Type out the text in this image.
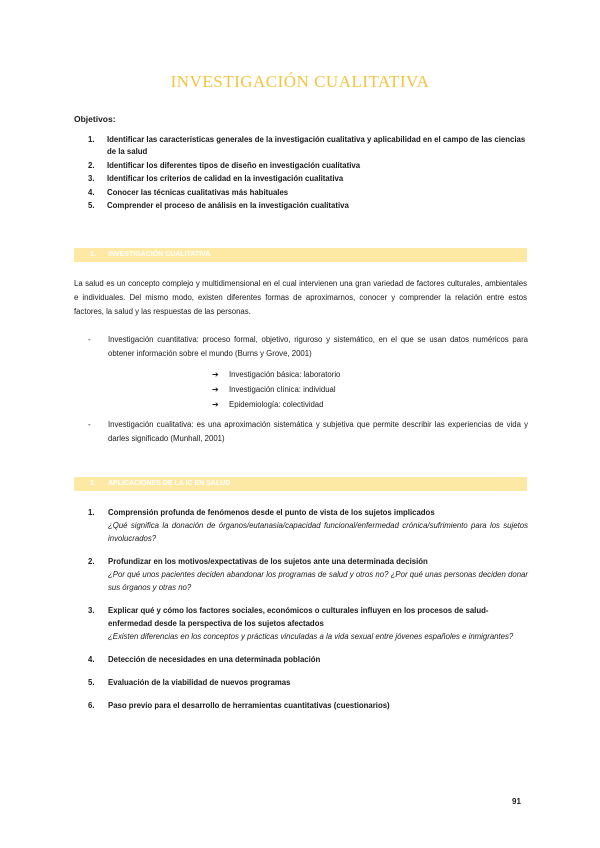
INVESTIGACIÓN CUALITATIVA
Objetivos:
1.	Identificar las características generales de la investigación cualitativa y aplicabilidad en el campo de las ciencias de la salud
2.	Identificar los diferentes tipos de diseño en investigación cualitativa
3.	Identificar los criterios de calidad en la investigación cualitativa
4.	Conocer las técnicas cualitativas más habituales
5.	Comprender el proceso de análisis en la investigación cualitativa
1. INVESTIGACIÓN CUALITATIVA
La salud es un concepto complejo y multidimensional en el cual intervienen una gran variedad de factores culturales, ambientales e individuales. Del mismo modo, existen diferentes formas de aproximarnos, conocer y comprender la relación entre estos factores, la salud y las respuestas de las personas.
-	Investigación cuantitativa: proceso formal, objetivo, riguroso y sistemático, en el que se usan datos numéricos para obtener información sobre el mundo (Burns y Grove, 2001)
➔	Investigación básica: laboratorio
➔	Investigación clínica: individual
➔	Epidemiología: colectividad
-	Investigación cualitativa: es una aproximación sistemática y subjetiva que permite describir las experiencias de vida y darles significado (Munhall, 2001)
2. APLICACIONES DE LA IC EN SALUD
1.	Comprensión profunda de fenómenos desde el punto de vista de los sujetos implicados
¿Qué significa la donación de órganos/eutanasia/capacidad funcional/enfermedad crónica/sufrimiento para los sujetos involucrados?
2.	Profundizar en los motivos/expectativas de los sujetos ante una determinada decisión
¿Por qué unos pacientes deciden abandonar los programas de salud y otros no? ¿Por qué unas personas deciden donar sus órganos y otras no?
3.	Explicar qué y cómo los factores sociales, económicos o culturales influyen en los procesos de salud-enfermedad desde la perspectiva de los sujetos afectados
¿Existen diferencias en los conceptos y prácticas vinculadas a la vida sexual entre jóvenes españoles e inmigrantes?
4.	Detección de necesidades en una determinada población
5.	Evaluación de la viabilidad de nuevos programas
6.	Paso previo para el desarrollo de herramientas cuantitativas (cuestionarios)
91
